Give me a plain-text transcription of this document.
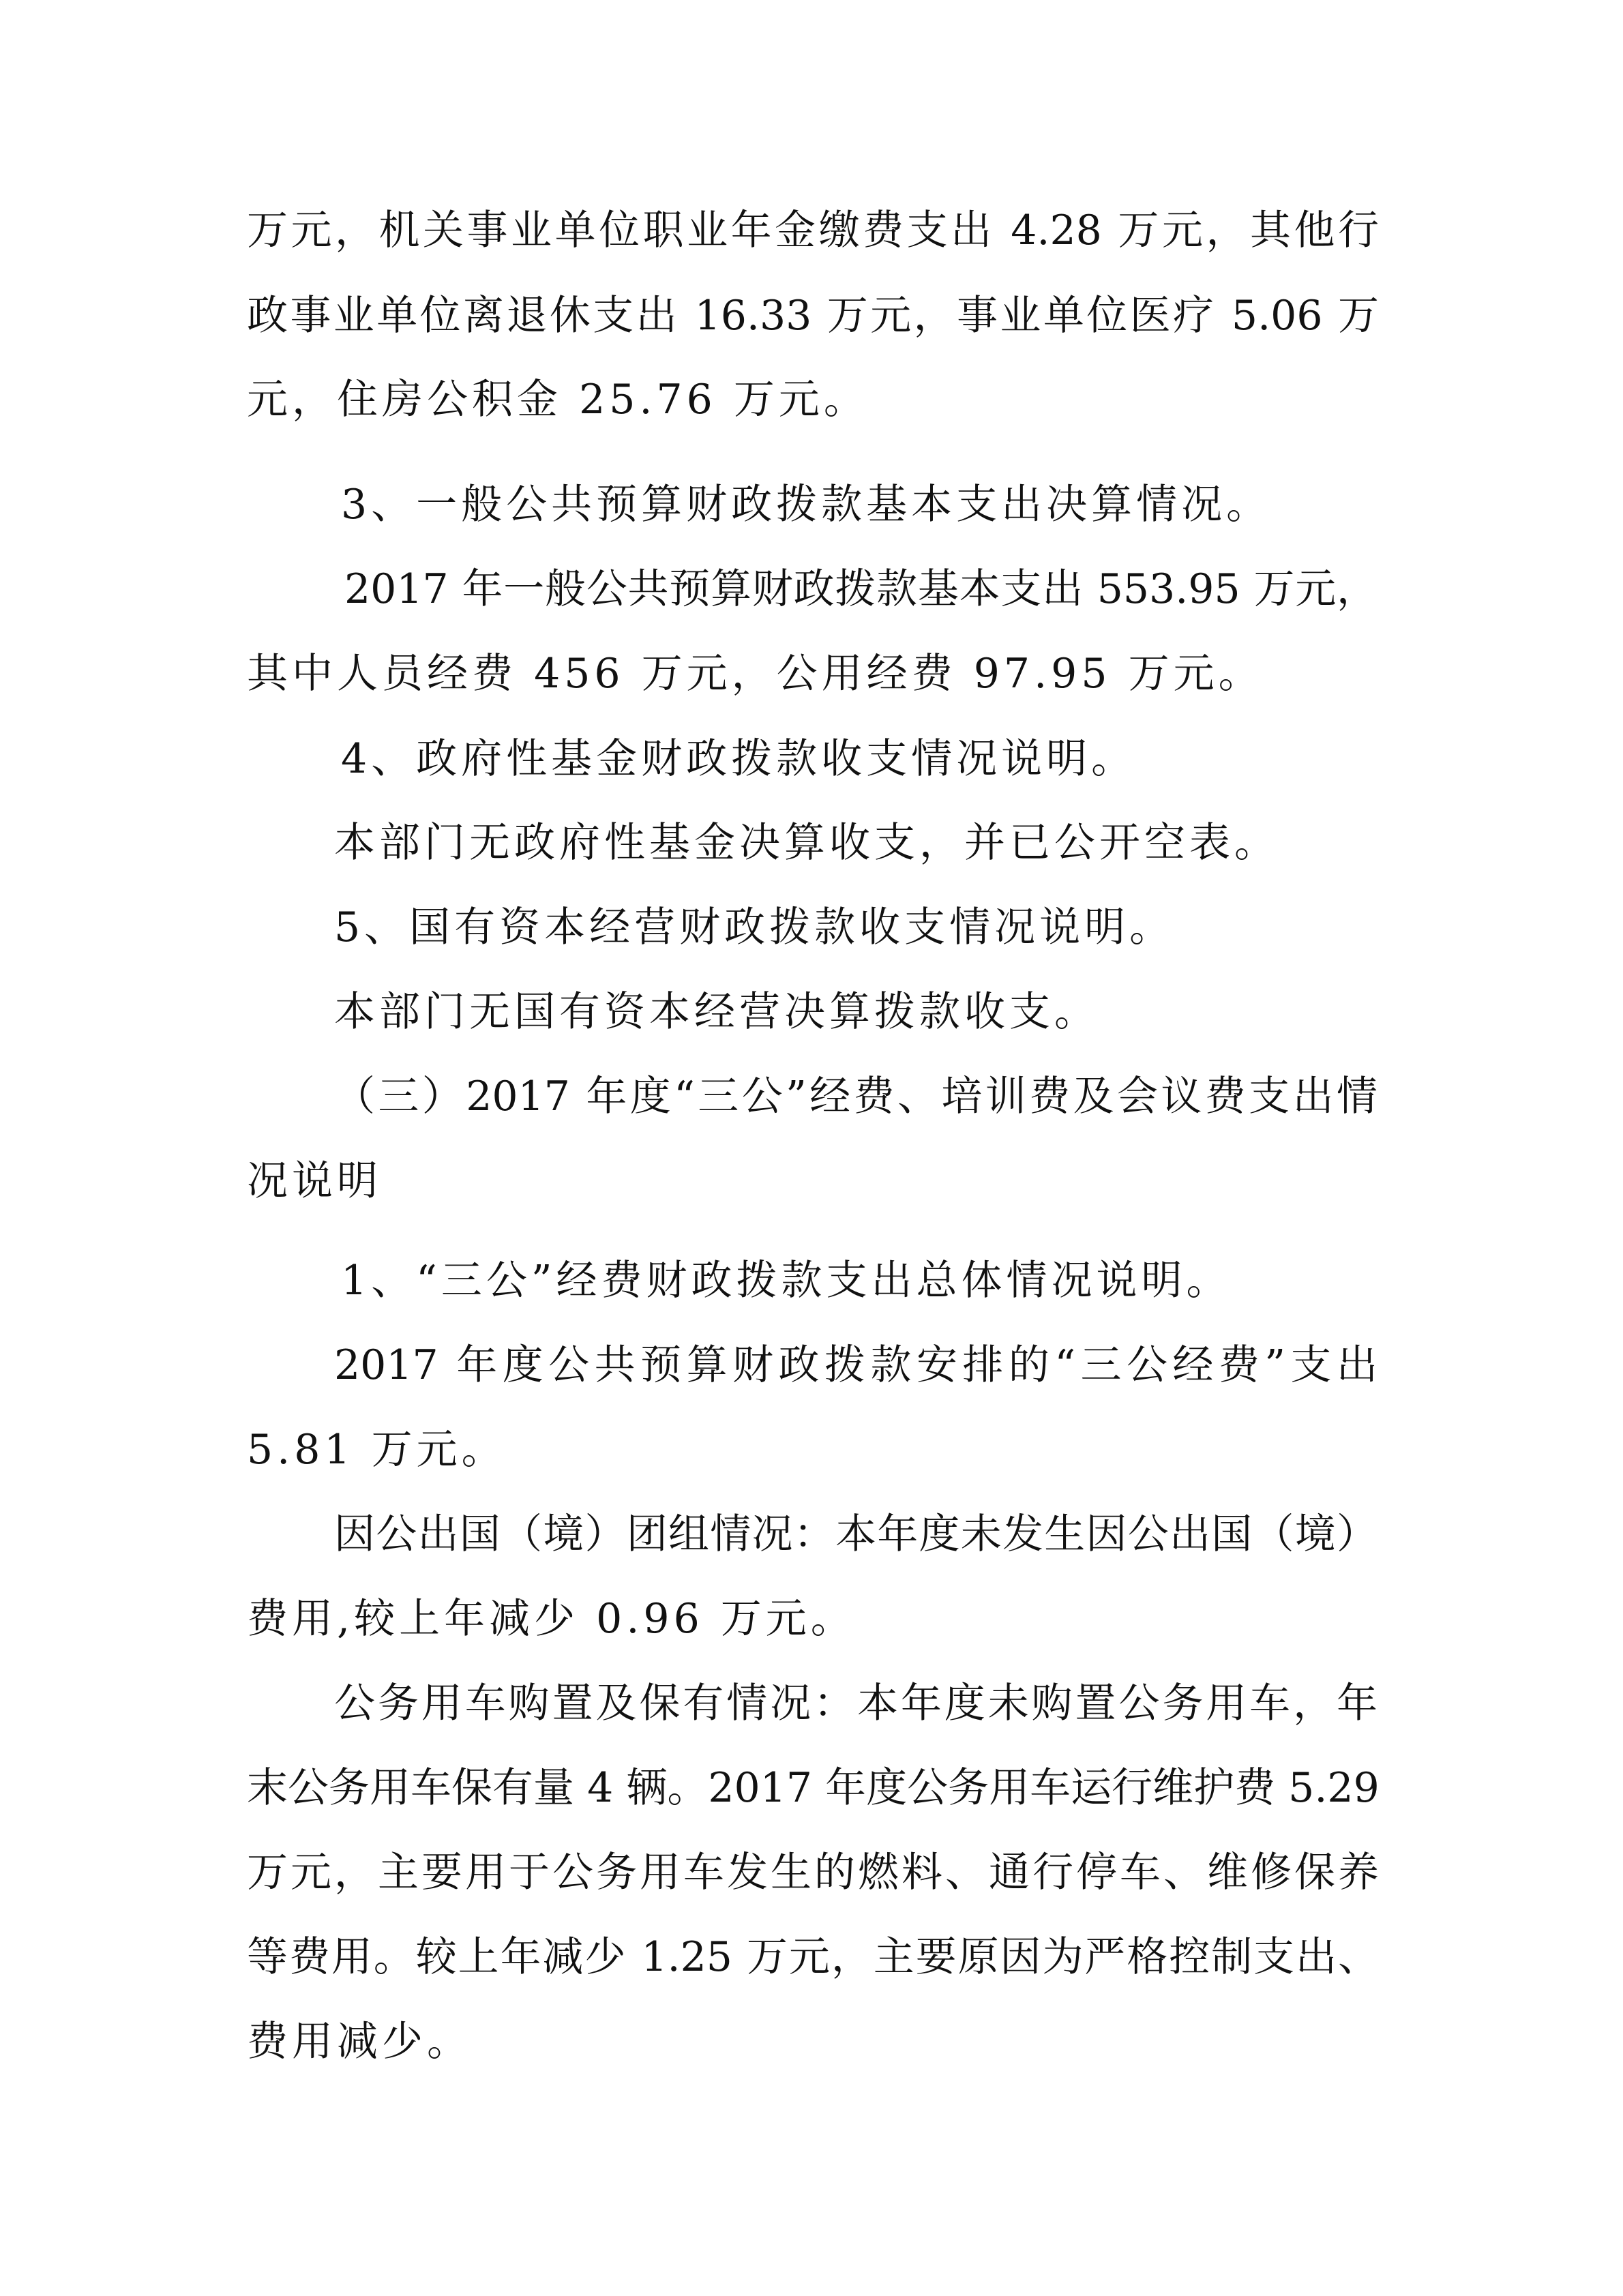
万元，机关事业单位职业年金缴费支出 4.28 万元，其他行
政事业单位离退休支出 16.33 万元，事业单位医疗 5.06 万
元，住房公积金 25.76 万元。
3、一般公共预算财政拨款基本支出决算情况。
2017 年一般公共预算财政拨款基本支出 553.95 万元，
其中人员经费 456 万元，公用经费 97.95 万元。
4、政府性基金财政拨款收支情况说明。
本部门无政府性基金决算收支，并已公开空表。
5、国有资本经营财政拨款收支情况说明。
本部门无国有资本经营决算拨款收支。
（三）2017 年度“三公”经费、培训费及会议费支出情
况说明
1、“三公”经费财政拨款支出总体情况说明。
2017 年度公共预算财政拨款安排的“三公经费”支出
5.81 万元。
因公出国（境）团组情况：本年度未发生因公出国（境）
费用,较上年减少 0.96 万元。
公务用车购置及保有情况：本年度未购置公务用车，年
末公务用车保有量 4 辆。2017 年度公务用车运行维护费 5.29
万元，主要用于公务用车发生的燃料、通行停车、维修保养
等费用。较上年减少 1.25 万元，主要原因为严格控制支出、
费用减少。
